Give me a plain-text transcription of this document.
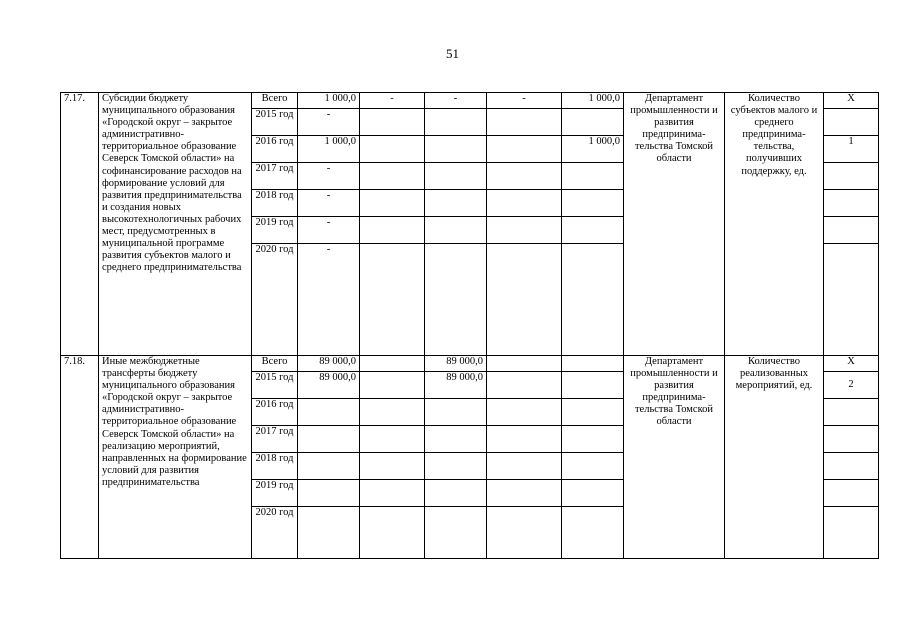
51
7.17.	Субсидии бюджету муниципального образования «Городской округ – закрытое административно-территориальное образование Северск Томской области» на софинансирование расходов на формирование условий для развития предпринимательства и создания новых высокотехнологичных рабочих мест, предусмотренных в муниципальной программе развития субъектов малого и среднего предпринимательства	Всего	1 000,0	-	-	-	1 000,0	Департамент промышленности и развития предпринима-тельства Томской области	Количество субъектов малого и среднего предпринима-тельства, получивших поддержку, ед.	X
		2015 год	-							
		2016 год	1 000,0				1 000,0			1
		2017 год	-							
		2018 год	-							
		2019 год	-							
		2020 год	-							
7.18.	Иные межбюджетные трансферты бюджету муниципального образования «Городской округ – закрытое административно-территориальное образование Северск Томской области» на реализацию мероприятий, направленных на формирование условий для развития предпринимательства	Всего	89 000,0		89 000,0			Департамент промышленности и развития предпринима-тельства Томской области	Количество реализованных мероприятий, ед.	X
		2015 год	89 000,0		89 000,0					2
		2016 год								
		2017 год								
		2018 год								
		2019 год								
		2020 год								
